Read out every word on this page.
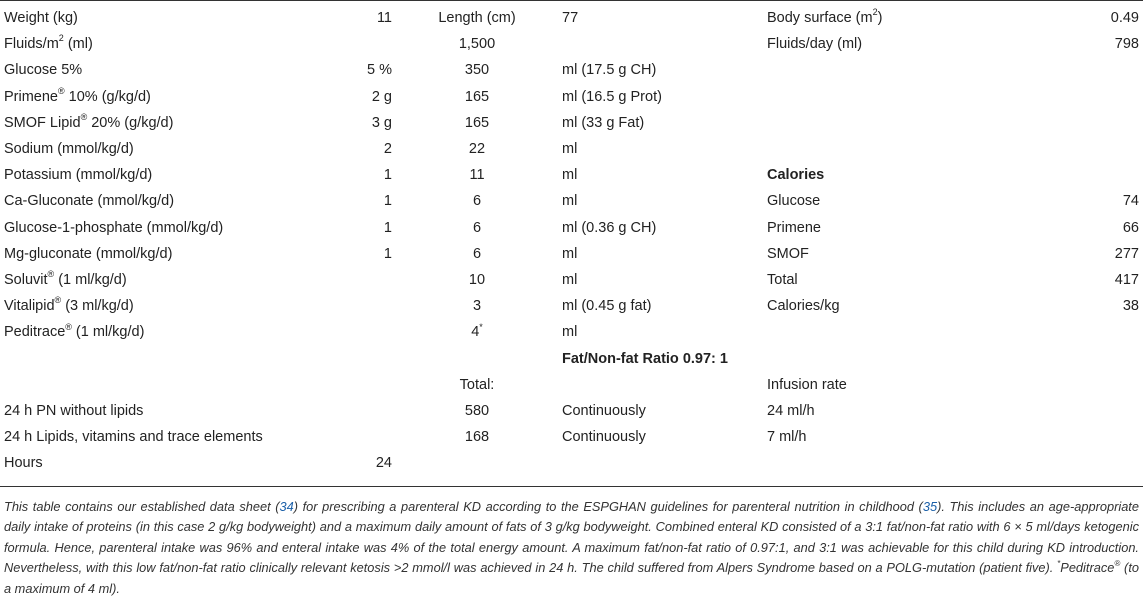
Weight (kg)	11	Length (cm)	77	Body surface $(m^2)$	0.49
Fluids/$m^2$ (ml)		1,500		Fluids/day (ml)	798
Glucose 5%	5 %	350	ml (17.5 g CH)		
Primene® 10% (g/kg/d)	2 g	165	ml (16.5 g Prot)		
SMOF Lipid® 20% (g/kg/d)	3 g	165	ml (33 g Fat)		
Sodium (mmol/kg/d)	2	22	ml		
Potassium (mmol/kg/d)	1	11	ml	Calories	
Ca-Gluconate (mmol/kg/d)	1	6	ml	Glucose	74
Glucose-1-phosphate (mmol/kg/d)	1	6	ml (0.36 g CH)	Primene	66
Mg-gluconate (mmol/kg/d)	1	6	ml	SMOF	277
Soluvit® (1 ml/kg/d)		10	ml	Total	417
Vitalipid® (3 ml/kg/d)		3	ml (0.45 g fat)	Calories/kg	38
Peditrace® (1 ml/kg/d)		4*	ml		
			Fat/Non-fat Ratio 0.97: 1		
		Total:		Infusion rate	
24 h PN without lipids		580	Continuously	24 ml/h	
24 h Lipids, vitamins and trace elements		168	Continuously	7 ml/h	
Hours	24				
This table contains our established data sheet (34) for prescribing a parenteral KD according to the ESPGHAN guidelines for parenteral nutrition in childhood (35). This includes an age-appropriate daily intake of proteins (in this case 2 g/kg bodyweight) and a maximum daily amount of fats of 3 g/kg bodyweight. Combined enteral KD consisted of a 3:1 fat/non-fat ratio with 6 × 5 ml/days ketogenic formula. Hence, parenteral intake was 96% and enteral intake was 4% of the total energy amount. A maximum fat/non-fat ratio of 0.97:1, and 3:1 was achievable for this child during KD introduction. Nevertheless, with this low fat/non-fat ratio clinically relevant ketosis >2 mmol/l was achieved in 24 h. The child suffered from Alpers Syndrome based on a POLG-mutation (patient five). *Peditrace® (to a maximum of 4 ml).
